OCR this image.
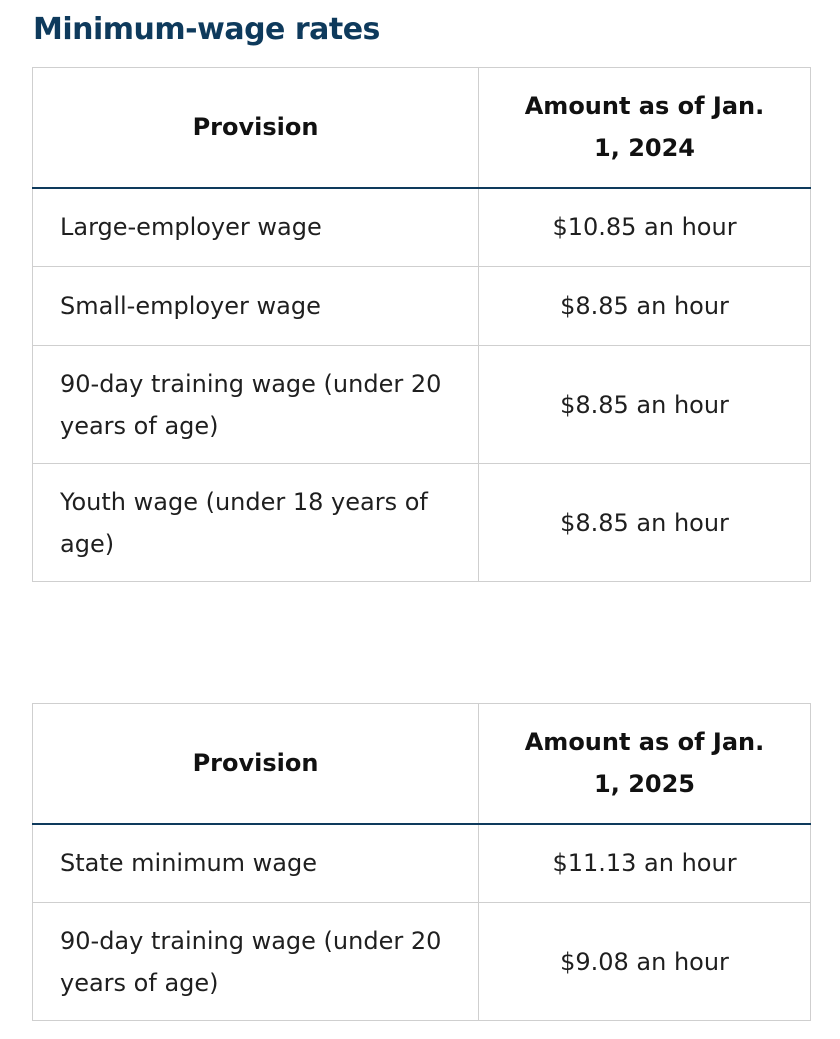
Minimum-wage rates
Provision	Amount as of Jan. 1, 2024
Large-employer wage	$10.85 an hour
Small-employer wage	$8.85 an hour
90-day training wage (under 20 years of age)	$8.85 an hour
Youth wage (under 18 years of age)	$8.85 an hour
Provision	Amount as of Jan. 1, 2025
State minimum wage	$11.13 an hour
90-day training wage (under 20 years of age)	$9.08 an hour
